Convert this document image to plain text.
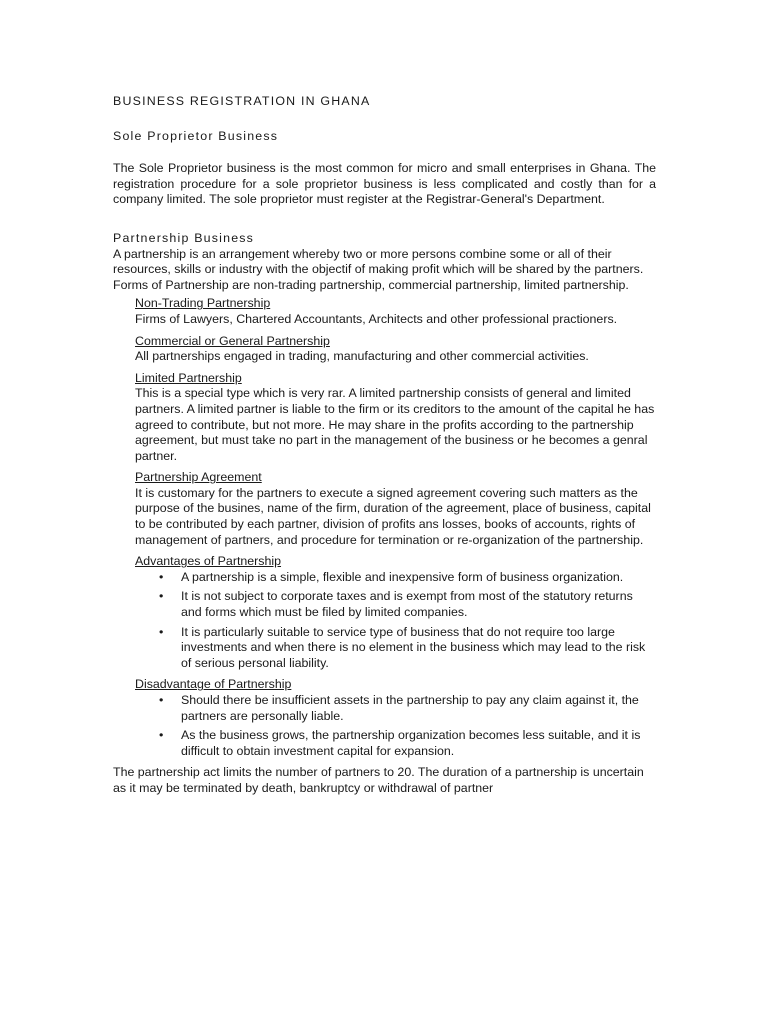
BUSINESS REGISTRATION IN GHANA

Sole Proprietor Business

The Sole Proprietor business is the most common for micro and small enterprises in Ghana. The registration procedure for a sole proprietor business is less complicated and costly than for a company limited. The sole proprietor must register at the Registrar-General's Department.

Partnership Business

A partnership is an arrangement whereby two or more persons combine some or all of their resources, skills or industry with the objectif of making profit which will be shared by the partners. Forms of Partnership are non-trading partnership, commercial partnership, limited partnership.

Non-Trading Partnership

Firms of Lawyers, Chartered Accountants, Architects and other professional practioners.

Commercial or General Partnership

All partnerships engaged in trading, manufacturing and other commercial activities.

Limited Partnership

This is a special type which is very rar. A limited partnership consists of general and limited partners. A limited partner is liable to the firm or its creditors to the amount of the capital he has agreed to contribute, but not more. He may share in the profits according to the partnership agreement, but must take no part in the management of the business or he becomes a genral partner.

Partnership Agreement

It is customary for the partners to execute a signed agreement covering such matters as the purpose of the busines, name of the firm, duration of the agreement, place of business, capital to be contributed by each partner, division of profits ans losses, books of accounts, rights of management of partners, and procedure for termination or re-organization of the partnership.

Advantages of Partnership

• A partnership is a simple, flexible and inexpensive form of business organization.
• It is not subject to corporate taxes and is exempt from most of the statutory returns and forms which must be filed by limited companies.
• It is particularly suitable to service type of business that do not require too large investments and when there is no element in the business which may lead to the risk of serious personal liability.

Disadvantage of Partnership

• Should there be insufficient assets in the partnership to pay any claim against it, the partners are personally liable.
• As the business grows, the partnership organization becomes less suitable, and it is difficult to obtain investment capital for expansion.

The partnership act limits the number of partners to 20. The duration of a partnership is uncertain as it may be terminated by death, bankruptcy or withdrawal of partner
